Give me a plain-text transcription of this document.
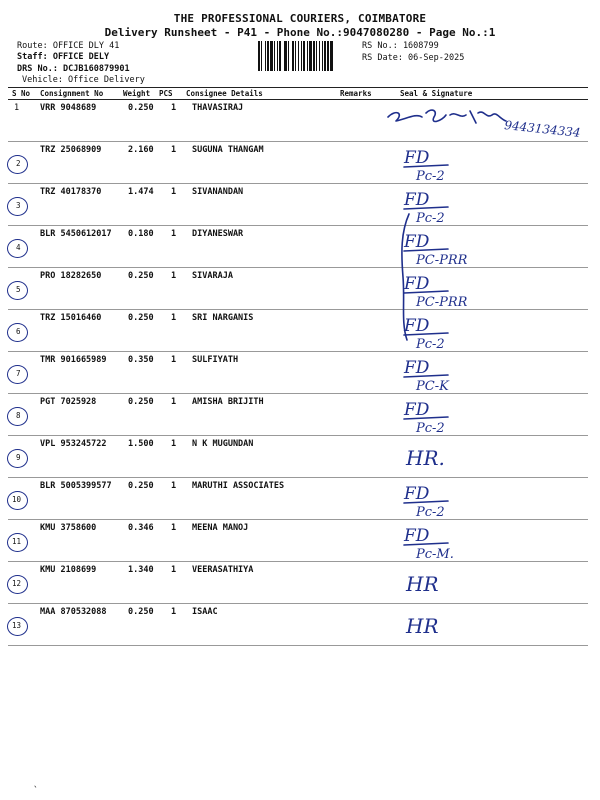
THE PROFESSIONAL COURIERS, COIMBATORE
Delivery Runsheet - P41 - Phone No.:9047080280 - Page No.:1
Route: OFFICE DLY 41
Staff: OFFICE DELY
DRS No.: DCJB160879901
Vehicle: Office Delivery
RS No.: 1608799
RS Date: 06-Sep-2025
S No Consignment No	Weight PCS Consignee Details	Remarks	Seal & Signature
1 VRR 9048689	0.250 1 THAVASIRAJ
9443134334
2
TRZ 25068909	2.160 1 SUGUNA THANGAM	FD
Pc-2
3
TRZ 40178370	1.474 1 SIVANANDAN	FD
Pc-2
4
BLR 5450612017 0.180 1 DIYANESWAR	FD
PC-PRR
5
PRO 18282650	0.250 1 SIVARAJA	FD
PC-PRR
6
TRZ 15016460	0.250 1 SRI NARGANIS	FD
Pc-2
7
TMR 901665989	0.350 1 SULFIYATH	FD
PC-K
8
PGT 7025928	0.250 1 AMISHA BRIJITH	FD
Pc-2
9
VPL 953245722	1.500 1 N K MUGUNDAN
HR.
10
BLR 5005399577 0.250 1 MARUTHI ASSOCIATES	FD
Pc-2
11
KMU 3758600	0.346 1 MEENA MANOJ	FD
Pc-M.
12
KMU 2108699	1.340 1 VEERASATHIYA
HR
13
MAA 870532088	0.250 1 ISAAC
HR
`
